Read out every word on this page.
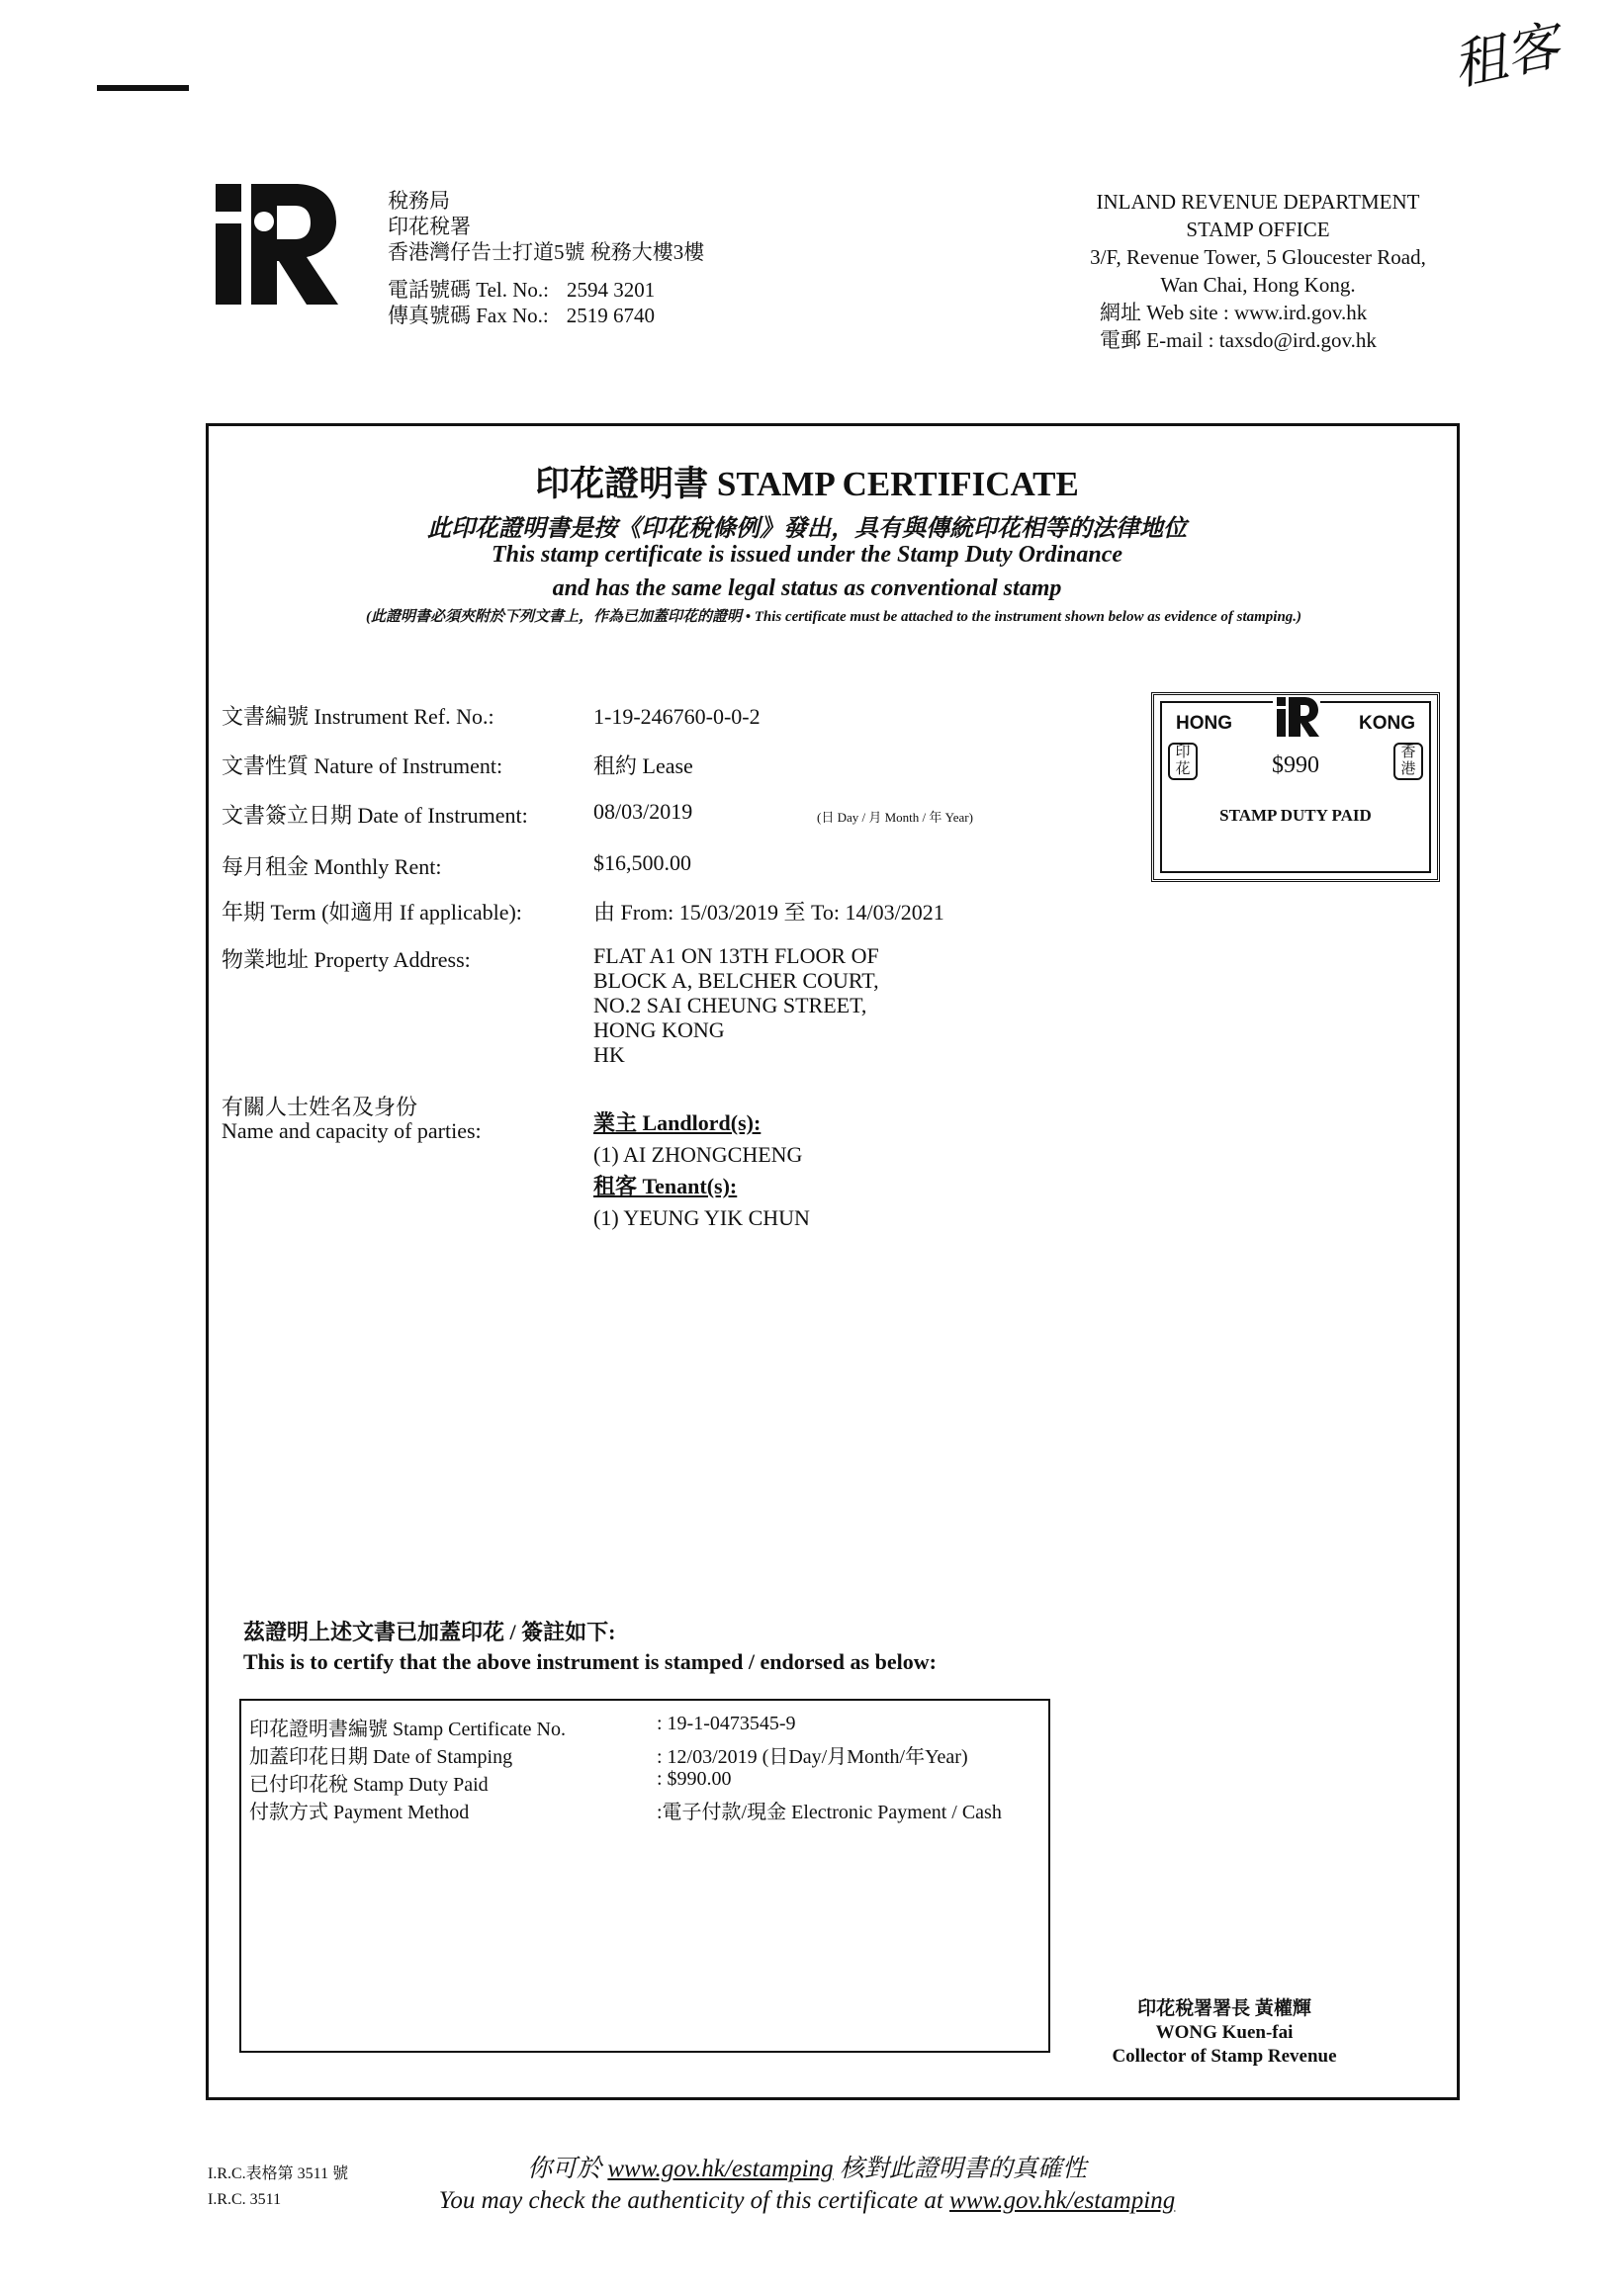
租客
稅務局
印花稅署
香港灣仔告士打道5號 稅務大樓3樓
電話號碼 Tel. No.: 2594 3201
傳真號碼 Fax No.: 2519 6740
INLAND REVENUE DEPARTMENT
STAMP OFFICE
3/F, Revenue Tower, 5 Gloucester Road,
Wan Chai, Hong Kong.
網址 Web site : www.ird.gov.hk
電郵 E-mail : taxsdo@ird.gov.hk
印花證明書 STAMP CERTIFICATE
此印花證明書是按《印花稅條例》發出，具有與傳統印花相等的法律地位
This stamp certificate is issued under the Stamp Duty Ordinance
and has the same legal status as conventional stamp
(此證明書必須夾附於下列文書上，作為已加蓋印花的證明 • This certificate must be attached to the instrument shown below as evidence of stamping.)
文書編號 Instrument Ref. No.:	1-19-246760-0-0-2
文書性質 Nature of Instrument:	租約 Lease
文書簽立日期 Date of Instrument:	08/03/2019	(日 Day / 月 Month / 年 Year)
每月租金 Monthly Rent:	$16,500.00
年期 Term (如適用 If applicable):	由 From: 15/03/2019 至 To: 14/03/2021
物業地址 Property Address:	FLAT A1 ON 13TH FLOOR OF
BLOCK A, BELCHER COURT,
NO.2 SAI CHEUNG STREET,
HONG KONG
HK
有關人士姓名及身份
Name and capacity of parties:	業主 Landlord(s):
(1) AI ZHONGCHENG
租客 Tenant(s):
(1) YEUNG YIK CHUN
HONG	KONG
印花
香港
$990
STAMP DUTY PAID
茲證明上述文書已加蓋印花 / 簽註如下:
This is to certify that the above instrument is stamped / endorsed as below:
印花證明書編號 Stamp Certificate No.	: 19-1-0473545-9
加蓋印花日期 Date of Stamping	: 12/03/2019 (日Day/月Month/年Year)
已付印花稅 Stamp Duty Paid	: $990.00
付款方式 Payment Method	:電子付款/現金 Electronic Payment / Cash
印花稅署署長 黃權輝
WONG Kuen-fai
Collector of Stamp Revenue
I.R.C.表格第 3511 號
I.R.C. 3511
你可於 www.gov.hk/estamping 核對此證明書的真確性
You may check the authenticity of this certificate at www.gov.hk/estamping
